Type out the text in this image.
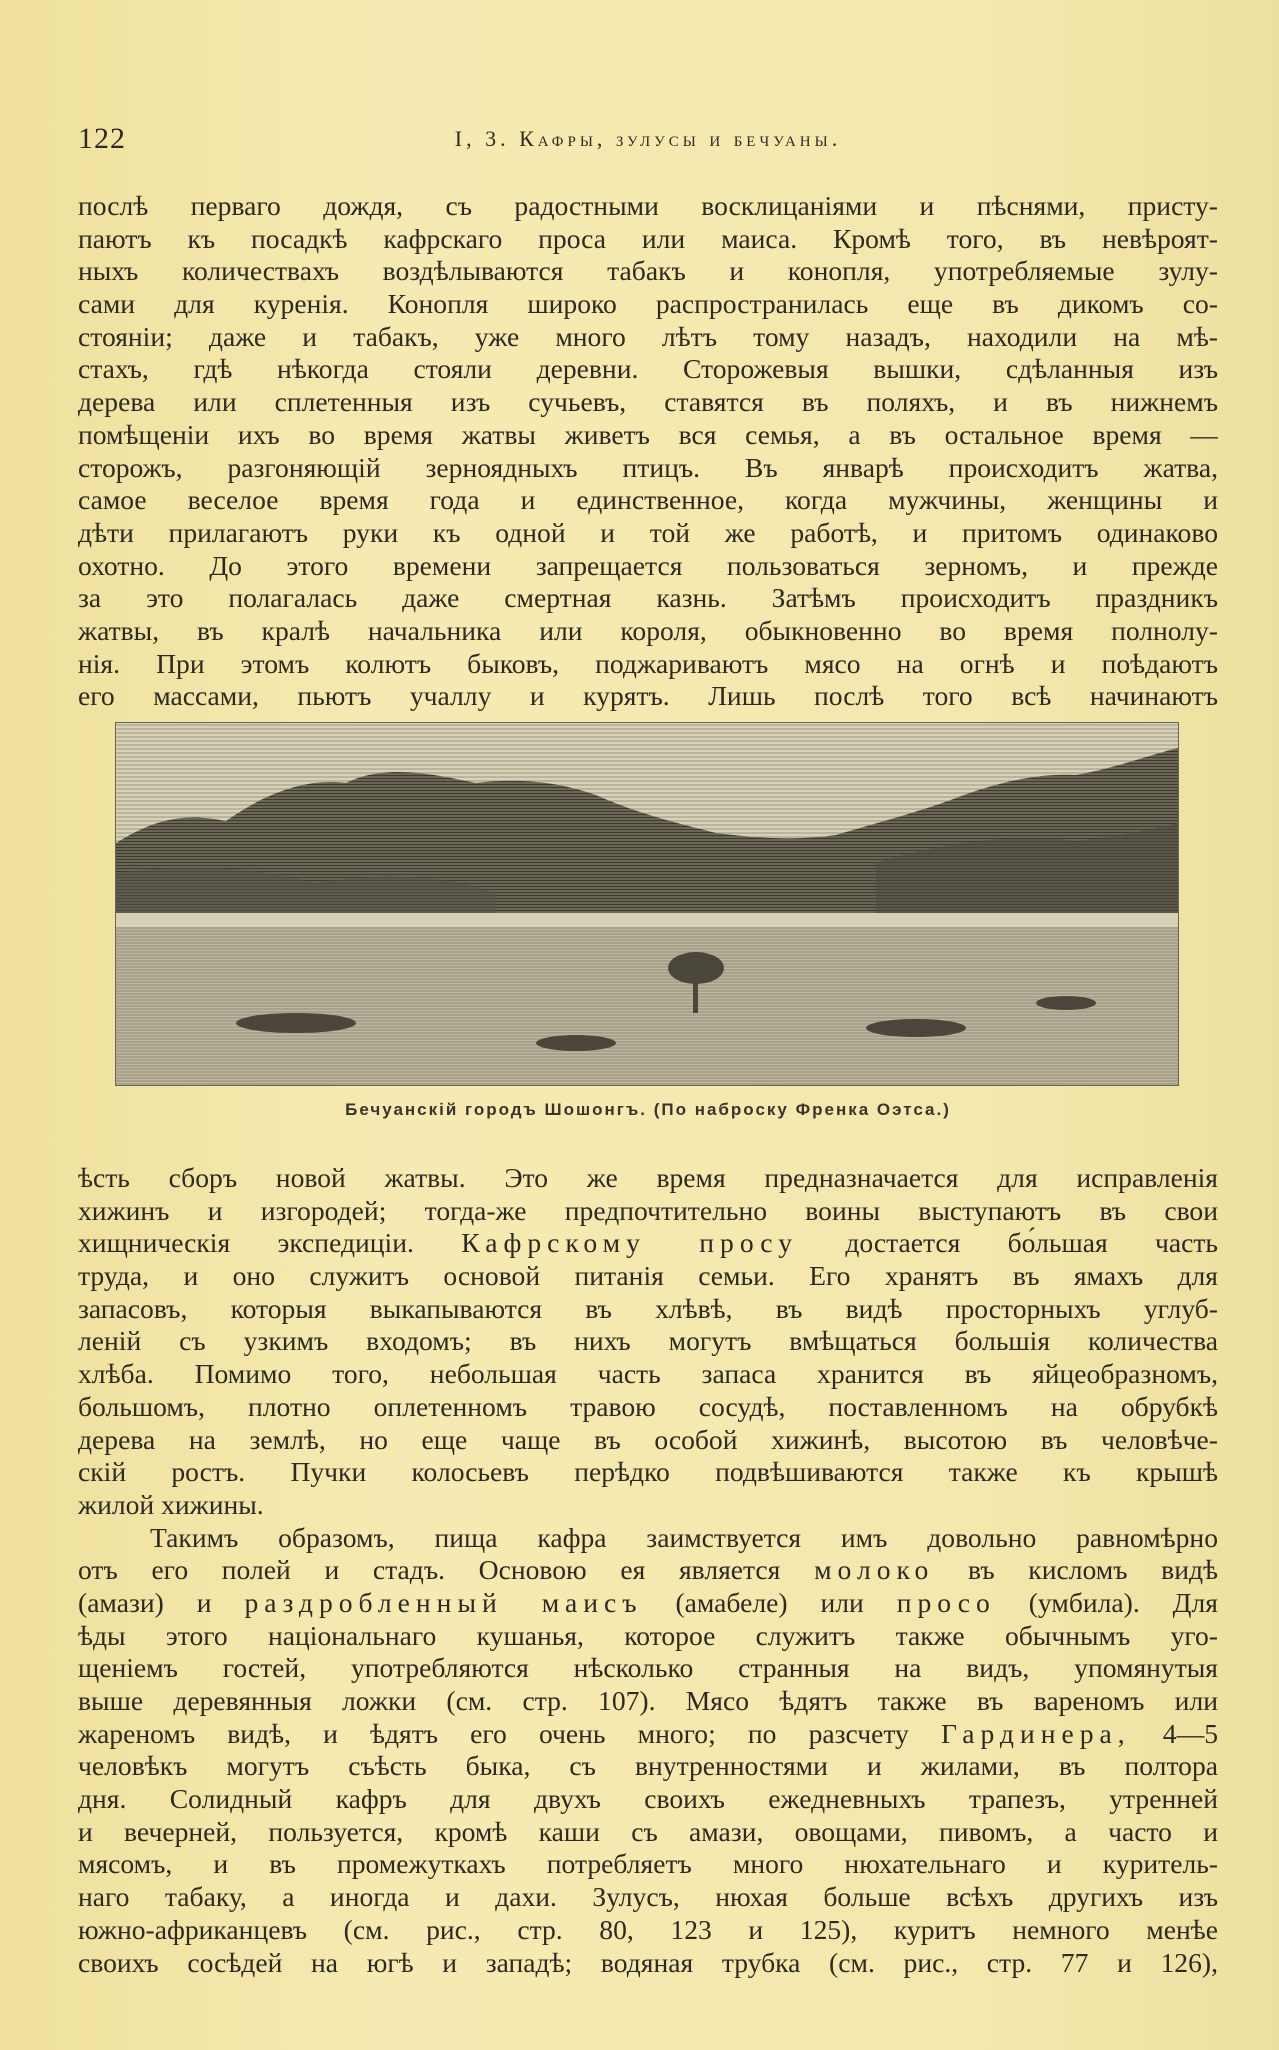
122	I, 3. Кафры, зулусы и бечуаны.
послѣ перваго дождя, съ радостными восклицаніями и пѣснями, присту-
паютъ къ посадкѣ кафрскаго проса или маиса. Кромѣ того, въ невѣроят-
ныхъ количествахъ воздѣлываются табакъ и конопля, употребляемые зулу-
сами для куренія. Конопля широко распространилась еще въ дикомъ со-
стояніи; даже и табакъ, уже много лѣтъ тому назадъ, находили на мѣ-
стахъ, гдѣ нѣкогда стояли деревни. Сторожевыя вышки, сдѣланныя изъ
дерева или сплетенныя изъ сучьевъ, ставятся въ поляхъ, и въ нижнемъ
помѣщеніи ихъ во время жатвы живетъ вся семья, а въ остальное время —
сторожъ, разгоняющій зерноядныхъ птицъ. Въ январѣ происходитъ жатва,
самое веселое время года и единственное, когда мужчины, женщины и
дѣти прилагаютъ руки къ одной и той же работѣ, и притомъ одинаково
охотно. До этого времени запрещается пользоваться зерномъ, и прежде
за это полагалась даже смертная казнь. Затѣмъ происходитъ праздникъ
жатвы, въ кралѣ начальника или короля, обыкновенно во время полнолу-
нія. При этомъ колютъ быковъ, поджариваютъ мясо на огнѣ и поѣдаютъ
его массами, пьютъ учаллу и курятъ. Лишь послѣ того всѣ начинаютъ
Бечуанскій городъ Шошонгъ. (По наброску Френка Оэтса.)
ѣсть сборъ новой жатвы. Это же время предназначается для исправленія
хижинъ и изгородей; тогда-же предпочтительно воины выступаютъ въ свои
хищническія экспедиціи. Кафрскому просу достается бо́льшая часть
труда, и оно служитъ основой питанія семьи. Его хранятъ въ ямахъ для
запасовъ, которыя выкапываются въ хлѣвѣ, въ видѣ просторныхъ углуб-
леній съ узкимъ входомъ; въ нихъ могутъ вмѣщаться большія количества
хлѣба. Помимо того, небольшая часть запаса хранится въ яйцеобразномъ,
большомъ, плотно оплетенномъ травою сосудѣ, поставленномъ на обрубкѣ
дерева на землѣ, но еще чаще въ особой хижинѣ, высотою въ человѣче-
скій ростъ. Пучки колосьевъ перѣдко подвѣшиваются также къ крышѣ
жилой хижины.
Такимъ образомъ, пища кафра заимствуется имъ довольно равномѣрно
отъ его полей и стадъ. Основою ея является молоко въ кисломъ видѣ
(амази) и раздробленный маисъ (амабеле) или просо (умбила). Для
ѣды этого національнаго кушанья, которое служитъ также обычнымъ уго-
щеніемъ гостей, употребляются нѣсколько странныя на видъ, упомянутыя
выше деревянныя ложки (см. стр. 107). Мясо ѣдятъ также въ вареномъ или
жареномъ видѣ, и ѣдятъ его очень много; по разсчету Гардинера, 4—5
человѣкъ могутъ съѣсть быка, съ внутренностями и жилами, въ полтора
дня. Солидный кафръ для двухъ своихъ ежедневныхъ трапезъ, утренней
и вечерней, пользуется, кромѣ каши съ амази, овощами, пивомъ, а часто и
мясомъ, и въ промежуткахъ потребляетъ много нюхательнаго и куритель-
наго табаку, а иногда и дахи. Зулусъ, нюхая больше всѣхъ другихъ изъ
южно-африканцевъ (см. рис., стр. 80, 123 и 125), куритъ немного менѣе
своихъ сосѣдей на югѣ и западѣ; водяная трубка (см. рис., стр. 77 и 126),
